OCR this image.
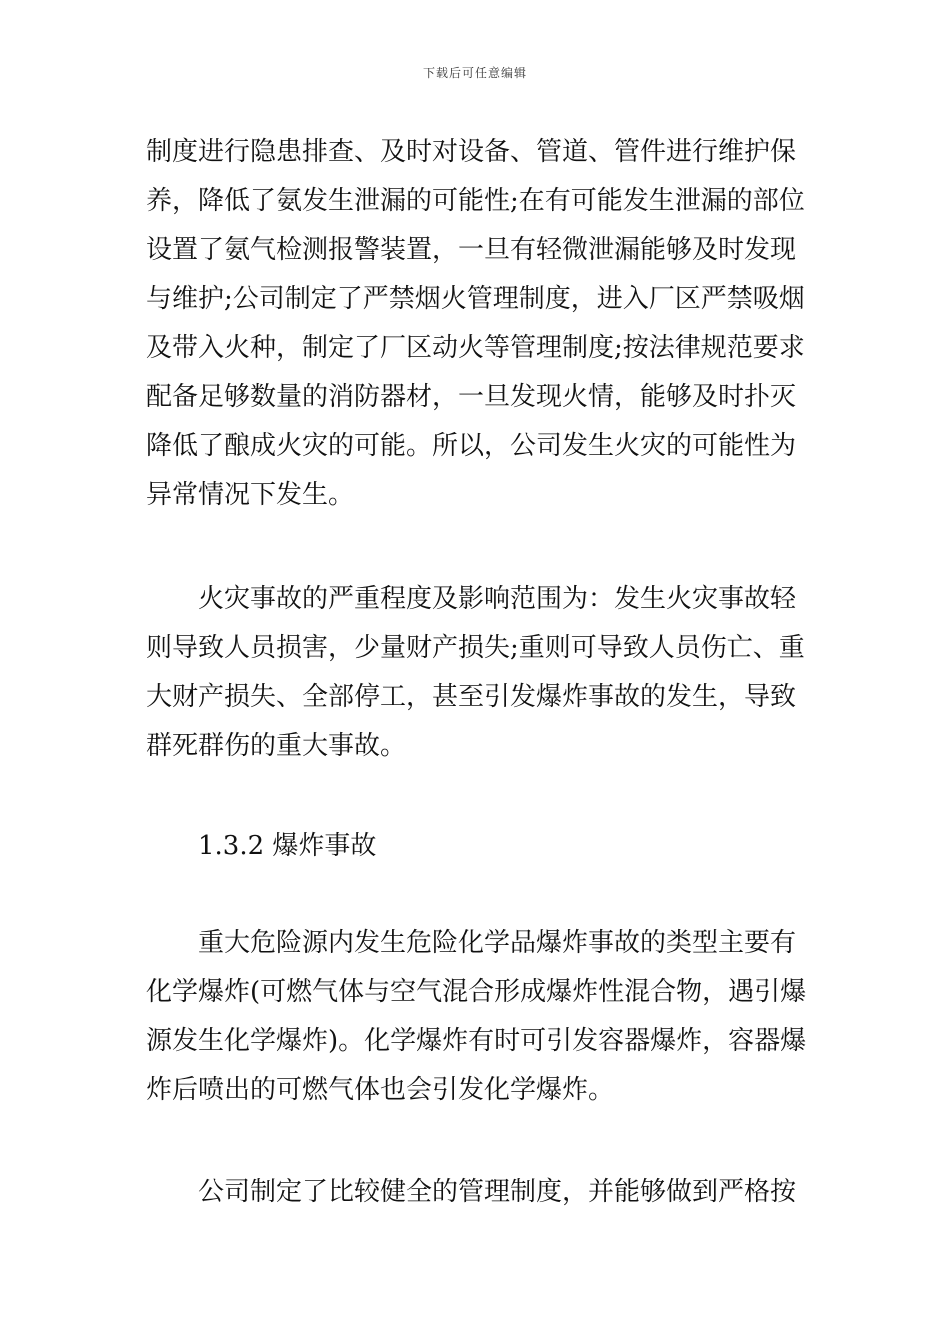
下载后可任意编辑
制度进行隐患排查、及时对设备、管道、管件进行维护保
养，降低了氨发生泄漏的可能性;在有可能发生泄漏的部位
设置了氨气检测报警装置，一旦有轻微泄漏能够及时发现
与维护;公司制定了严禁烟火管理制度，进入厂区严禁吸烟
及带入火种，制定了厂区动火等管理制度;按法律规范要求
配备足够数量的消防器材，一旦发现火情，能够及时扑灭
降低了酿成火灾的可能。所以，公司发生火灾的可能性为
异常情况下发生。
　　火灾事故的严重程度及影响范围为：发生火灾事故轻
则导致人员损害，少量财产损失;重则可导致人员伤亡、重
大财产损失、全部停工，甚至引发爆炸事故的发生，导致
群死群伤的重大事故。
　　1.3.2 爆炸事故
　　重大危险源内发生危险化学品爆炸事故的类型主要有
化学爆炸(可燃气体与空气混合形成爆炸性混合物，遇引爆
源发生化学爆炸)。化学爆炸有时可引发容器爆炸，容器爆
炸后喷出的可燃气体也会引发化学爆炸。
　　公司制定了比较健全的管理制度，并能够做到严格按
